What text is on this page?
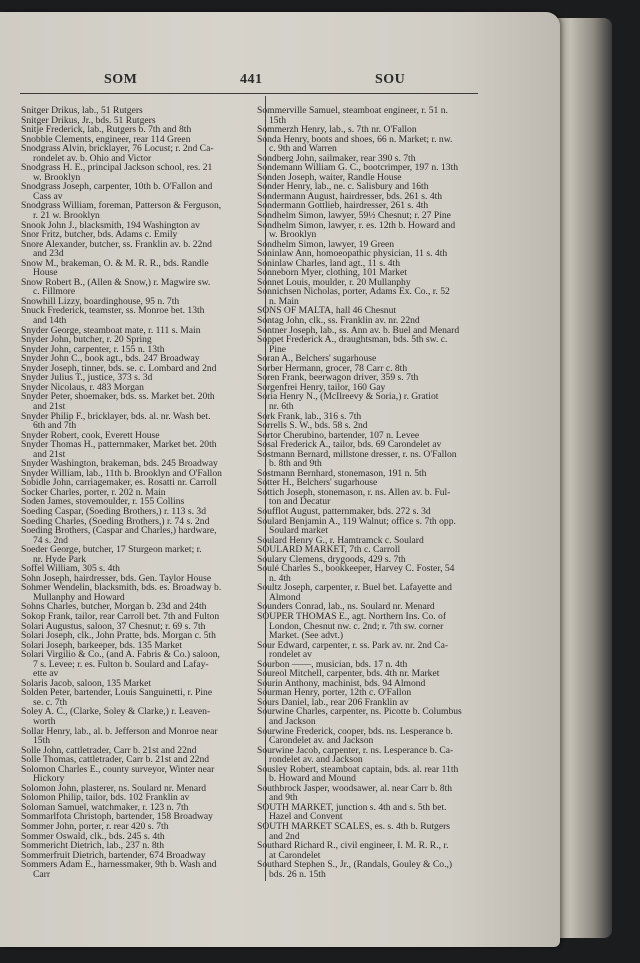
SOM	441	SOU
Snitger Drikus, lab., 51 Rutgers
Snitger Drikus, Jr., bds. 51 Rutgers
Snitje Frederick, lab., Rutgers b. 7th and 8th
Snobble Clements, engineer, rear 114 Green
Snodgrass Alvin, bricklayer, 76 Locust; r. 2nd Ca-
rondelet av. b. Ohio and Victor
Snodgrass H. E., principal Jackson school, res. 21
w. Brooklyn
Snodgrass Joseph, carpenter, 10th b. O'Fallon and
Cass av
Snodgrass William, foreman, Patterson & Ferguson,
r. 21 w. Brooklyn
Snook John J., blacksmith, 194 Washington av
Snor Fritz, butcher, bds. Adams c. Emily
Snore Alexander, butcher, ss. Franklin av. b. 22nd
and 23d
Snow M., brakeman, O. & M. R. R., bds. Randle
House
Snow Robert B., (Allen & Snow,) r. Magwire sw.
c. Fillmore
Snowhill Lizzy, boardinghouse, 95 n. 7th
Snuck Frederick, teamster, ss. Monroe bet. 13th
and 14th
Snyder George, steamboat mate, r. 111 s. Main
Snyder John, butcher, r. 20 Spring
Snyder John, carpenter, r. 155 n. 13th
Snyder John C., book agt., bds. 247 Broadway
Snyder Joseph, tinner, bds. se. c. Lombard and 2nd
Snyder Julius T., justice, 373 s. 3d
Snyder Nicolaus, r. 483 Morgan
Snyder Peter, shoemaker, bds. ss. Market bet. 20th
and 21st
Snyder Philip F., bricklayer, bds. al. nr. Wash bet.
6th and 7th
Snyder Robert, cook, Everett House
Snyder Thomas H., patternmaker, Market bet. 20th
and 21st
Snyder Washington, brakeman, bds. 245 Broadway
Snyder William, lab., 11th b. Brooklyn and O'Fallon
Sobidle John, carriagemaker, es. Rosatti nr. Carroll
Socker Charles, porter, r. 202 n. Main
Soden James, stovemoulder, r. 155 Collins
Soeding Caspar, (Soeding Brothers,) r. 113 s. 3d
Soeding Charles, (Soeding Brothers,) r. 74 s. 2nd
Soeding Brothers, (Caspar and Charles,) hardware,
74 s. 2nd
Soeder George, butcher, 17 Sturgeon market; r.
nr. Hyde Park
Soffel William, 305 s. 4th
Sohn Joseph, hairdresser, bds. Gen. Taylor House
Sohmer Wendelin, blacksmith, bds. es. Broadway b.
Mullanphy and Howard
Sohns Charles, butcher, Morgan b. 23d and 24th
Sokop Frank, tailor, rear Carroll bet. 7th and Fulton
Solari Augustus, saloon, 37 Chesnut; r. 69 s. 7th
Solari Joseph, clk., John Pratte, bds. Morgan c. 5th
Solari Joseph, barkeeper, bds. 135 Market
Solari Virgilio & Co., (and A. Fabris & Co.) saloon,
7 s. Levee; r. es. Fulton b. Soulard and Lafay-
ette av
Solaris Jacob, saloon, 135 Market
Solden Peter, bartender, Louis Sanguinetti, r. Pine
se. c. 7th
Soley A. C., (Clarke, Soley & Clarke,) r. Leaven-
worth
Sollar Henry, lab., al. b. Jefferson and Monroe near
15th
Solle John, cattletrader, Carr b. 21st and 22nd
Solle Thomas, cattletrader, Carr b. 21st and 22nd
Solomon Charles E., county surveyor, Winter near
Hickory
Solomon John, plasterer, ns. Soulard nr. Menard
Solomon Philip, tailor, bds. 102 Franklin av
Soloman Samuel, watchmaker, r. 123 n. 7th
Sommarlfota Christoph, bartender, 158 Broadway
Sommer John, porter, r. rear 420 s. 7th
Sommer Oswald, clk., bds. 245 s. 4th
Sommericht Dietrich, lab., 237 n. 8th
Sommerfruit Dietrich, bartender, 674 Broadway
Sommers Adam E., harnessmaker, 9th b. Wash and
Carr
Sommerville Samuel, steamboat engineer, r. 51 n.
15th
Sommerzh Henry, lab., s. 7th nr. O'Fallon
Sonda Henry, boots and shoes, 66 n. Market; r. nw.
c. 9th and Warren
Sondberg John, sailmaker, rear 390 s. 7th
Sondemann William G. C., bootcrimper, 197 n. 13th
Sonden Joseph, waiter, Randle House
Sonder Henry, lab., ne. c. Salisbury and 16th
Sondermann August, hairdresser, bds. 261 s. 4th
Sondermann Gottlieb, hairdresser, 261 s. 4th
Sondhelm Simon, lawyer, 59½ Chesnut; r. 27 Pine
Sondhelm Simon, lawyer, r. es. 12th b. Howard and
w. Brooklyn
Sondhelm Simon, lawyer, 19 Green
Soninlaw Ann, homoeopathic physician, 11 s. 4th
Soninlaw Charles, land agt., 11 s. 4th
Sonneborn Myer, clothing, 101 Market
Sonnet Louis, moulder, r. 20 Mullanphy
Sonnichsen Nicholas, porter, Adams Ex. Co., r. 52
n. Main
SONS OF MALTA, hall 46 Chesnut
Sontag John, clk., ss. Franklin av. nr. 22nd
Sontner Joseph, lab., ss. Ann av. b. Buel and Menard
Soppet Frederick A., draughtsman, bds. 5th sw. c.
Pine
Soran A., Belchers' sugarhouse
Sorber Hermann, grocer, 78 Carr c. 8th
Soren Frank, beerwagon driver, 359 s. 7th
Sorgenfrei Henry, tailor, 160 Gay
Soria Henry N., (McIlreevy & Soria,) r. Gratiot
nr. 6th
Sork Frank, lab., 316 s. 7th
Sorrells S. W., bds. 58 s. 2nd
Sortor Cherubino, bartender, 107 n. Levee
Sosal Frederick A., tailor, bds. 69 Carondelet av
Sostmann Bernard, millstone dresser, r. ns. O'Fallon
b. 8th and 9th
Sostmann Bernhard, stonemason, 191 n. 5th
Sotter H., Belchers' sugarhouse
Sottich Joseph, stonemason, r. ns. Allen av. b. Ful-
ton and Decatur
Soufflot August, patternmaker, bds. 272 s. 3d
Soulard Benjamin A., 119 Walnut; office s. 7th opp.
Soulard market
Soulard Henry G., r. Hamtramck c. Soulard
SOULARD MARKET, 7th c. Carroll
Soulary Clemens, drygoods, 429 s. 7th
Soulé Charles S., bookkeeper, Harvey C. Foster, 54
n. 4th
Soultz Joseph, carpenter, r. Buel bet. Lafayette and
Almond
Sounders Conrad, lab., ns. Soulard nr. Menard
SOUPER THOMAS E., agt. Northern Ins. Co. of
London, Chesnut nw. c. 2nd; r. 7th sw. corner
Market. (See advt.)
Sour Edward, carpenter, r. ss. Park av. nr. 2nd Ca-
rondelet av
Sourbon ——, musician, bds. 17 n. 4th
Soureol Mitchell, carpenter, bds. 4th nr. Market
Sourin Anthony, machinist, bds. 94 Almond
Sourman Henry, porter, 12th c. O'Fallon
Sours Daniel, lab., rear 206 Franklin av
Sourwine Charles, carpenter, ns. Picotte b. Columbus
and Jackson
Sourwine Frederick, cooper, bds. ns. Lesperance b.
Carondelet av. and Jackson
Sourwine Jacob, carpenter, r. ns. Lesperance b. Ca-
rondelet av. and Jackson
Sousley Robert, steamboat captain, bds. al. rear 11th
b. Howard and Mound
Southbrock Jasper, woodsawer, al. near Carr b. 8th
and 9th
SOUTH MARKET, junction s. 4th and s. 5th bet.
Hazel and Convent
SOUTH MARKET SCALES, es. s. 4th b. Rutgers
and 2nd
Southard Richard R., civil engineer, I. M. R. R., r.
at Carondelet
Southard Stephen S., Jr., (Randals, Gouley & Co.,)
bds. 26 n. 15th
